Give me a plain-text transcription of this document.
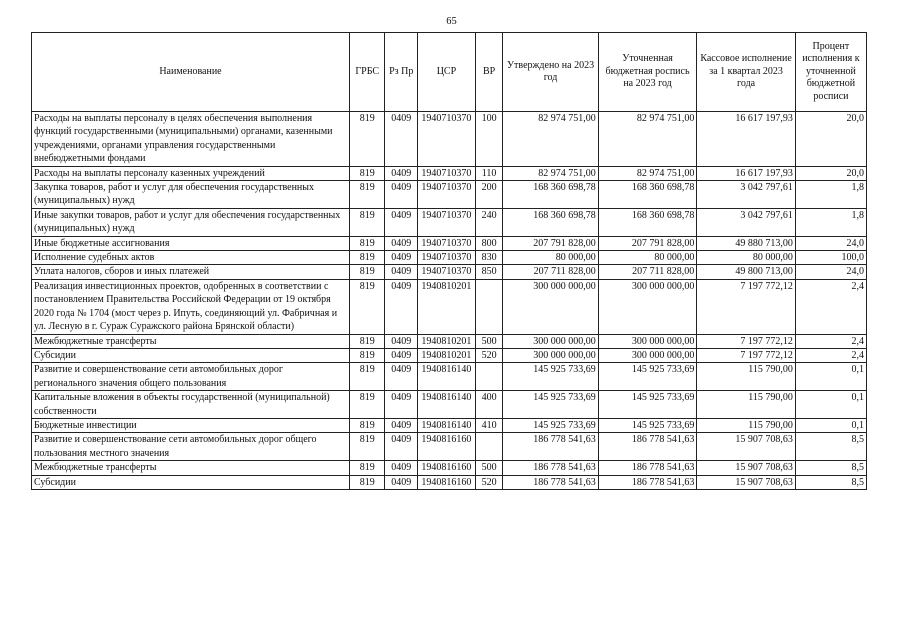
65
Наименование	ГРБС	Рз Пр	ЦСР	ВР	Утверждено на 2023 год	Уточненная бюджетная роспись на 2023 год	Кассовое исполнение за 1 квартал 2023 года	Процент исполнения к уточненной бюджетной росписи
Расходы на выплаты персоналу в целях обеспечения выполнения функций государственными (муниципальными) органами, казенными учреждениями, органами управления государственными внебюджетными фондами	819	0409	1940710370	100	82 974 751,00	82 974 751,00	16 617 197,93	20,0
Расходы на выплаты персоналу казенных учреждений	819	0409	1940710370	110	82 974 751,00	82 974 751,00	16 617 197,93	20,0
Закупка товаров, работ и услуг для обеспечения государственных (муниципальных) нужд	819	0409	1940710370	200	168 360 698,78	168 360 698,78	3 042 797,61	1,8
Иные закупки товаров, работ и услуг для обеспечения государственных (муниципальных) нужд	819	0409	1940710370	240	168 360 698,78	168 360 698,78	3 042 797,61	1,8
Иные бюджетные ассигнования	819	0409	1940710370	800	207 791 828,00	207 791 828,00	49 880 713,00	24,0
Исполнение судебных актов	819	0409	1940710370	830	80 000,00	80 000,00	80 000,00	100,0
Уплата налогов, сборов и иных платежей	819	0409	1940710370	850	207 711 828,00	207 711 828,00	49 800 713,00	24,0
Реализация инвестиционных проектов, одобренных в соответствии с постановлением Правительства Российской Федерации от 19 октября 2020 года № 1704 (мост через р. Ипуть, соединяющий ул. Фабричная и ул. Лесную в г. Сураж Суражского района Брянской области)	819	0409	1940810201		300 000 000,00	300 000 000,00	7 197 772,12	2,4
Межбюджетные трансферты	819	0409	1940810201	500	300 000 000,00	300 000 000,00	7 197 772,12	2,4
Субсидии	819	0409	1940810201	520	300 000 000,00	300 000 000,00	7 197 772,12	2,4
Развитие и совершенствование сети автомобильных дорог регионального значения общего пользования	819	0409	1940816140		145 925 733,69	145 925 733,69	115 790,00	0,1
Капитальные вложения в объекты государственной (муниципальной) собственности	819	0409	1940816140	400	145 925 733,69	145 925 733,69	115 790,00	0,1
Бюджетные инвестиции	819	0409	1940816140	410	145 925 733,69	145 925 733,69	115 790,00	0,1
Развитие и совершенствование сети автомобильных дорог общего пользования местного значения	819	0409	1940816160		186 778 541,63	186 778 541,63	15 907 708,63	8,5
Межбюджетные трансферты	819	0409	1940816160	500	186 778 541,63	186 778 541,63	15 907 708,63	8,5
Субсидии	819	0409	1940816160	520	186 778 541,63	186 778 541,63	15 907 708,63	8,5
